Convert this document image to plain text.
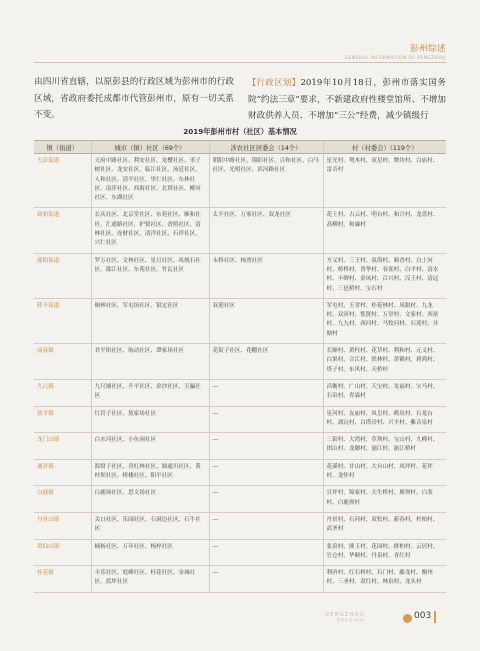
彭州综述
GENERAL INFORMATION OF PENGZHOU
由四川省直辖，以原彭县的行政区域为彭州市的行政区域，省政府委托成都市代管彭州市，原有一切关系不变。
【行政区划】2019年10月18日，彭州市落实国务院“约法三章”要求，不新建政府性楼堂馆所、不增加财政供养人员、不增加“三公”经费，减少镇级行
2019年彭州市村（社区）基本情况
镇（街道）	城市（镇）社区（69个）	涉农社区居委会（14个）	村（村委会）（119个）
天彭街道	天府中路社区、利安社区、龙樱社区、枣子树社区、龙安社区、临江社区、汤廷社区、人和社区、清平社区、里仁社区、东林社区、南萍社区、西海社区、北塔社区、柳河社区、东湖社区	朝阳中路社区、锦阳社区、百和社区、白马社区、光明社区、滨河路社区	星光村、鸳木村、双星村、牌坊村、白庙村、雷音村
致和街道	长庆社区、北京堂社区、东苑社区、顺和社区、汇通路社区、护贤社区、香照社区、清林社区、连财社区、清洋社区、石祥社区、兴仁社区	太平社区、万家社区、双龙社区	花土村、古云村、明台村、和兴村、龙盘村、高柳村、和廉村
濛阳街道	罗万社区、文林社区、星月社区、凤凰石社区、濛江社区、东苑社区、竹瓦社区	永桥社区、杨湾社区	方义村、三王村、泉海村、蔺香村、白土河村、桥桥村、普华村、春雀村、白平村、清水村、丰碑村、金凤村、百兴村、汉王村、清远村、三邑桥村、宝石村
隆丰街道	铜林社区、军屯场社区、银定社区	双迎社区	军屯村、玉堂村、桂花林村、凤眼村、九龙村、双河村、集贤村、万堂村、文家村、西童村、九九村、西河村、马牧河村、石迎村、并塘村
丽春镇	君平街社区、航动社区、谭家场社区	花街子社区、花棚社区	长顺村、黄柱村、花草村、利和村、元义村、白果村、合江村、铁林村、黄鹤村、碧鸿村、塔子村、东风村、天桥村
九尺镇	九尺铺社区、升平社区、金沙社区、玉瀛社区	—	昌衡村、广山村、天宝村、龙福村、宝马村、石泉村、青霖村
敖平镇	红岩子社区、敖家场社区	—	星河村、友庙村、凤皇村、鹤泉村、石龙台村、漓沅村、白塔房村、兴平村、紫音泉村
龙门山镇	白水河社区、小鱼洞社区	—	三街村、大湾村、草坝村、宝山村、九峰村、团山村、龙脚村、湔江村、湔江桥村
通济镇	海窝子社区、青杠林社区、圆通川社区、黄村坝社区、桥楼社区、阳平社区	—	花溪村、甘山村、大台山村、凤坪村、花坪村、龙怀村
白鹿镇	白鹿场社区、思文场社区	—	宣坪村、锦家村、天生桥村、塘坝村、白茶村、白鹿坝村
丹景山镇	关口社区、乐园社区、石洞边社区、石牛社区	—	丹景村、石河村、双松村、新春村、杉柏村、武圣村
葛仙山镇	楠杨社区、万年社区、杨梓社区	—	张泉村、熊玉村、花园村、群柏村、云居村、官仓村、华顺村、丹泉村、青红村
桂花镇	丰乐社区、庭峰社区、桂花社区、金城社区、蓝坪社区	—	利济村、红石桥村、石门村、藤龙村、衡州村、三圣村、双红村、林泉村、龙头村
PENGZHOU
彭州年鉴 2020	003
